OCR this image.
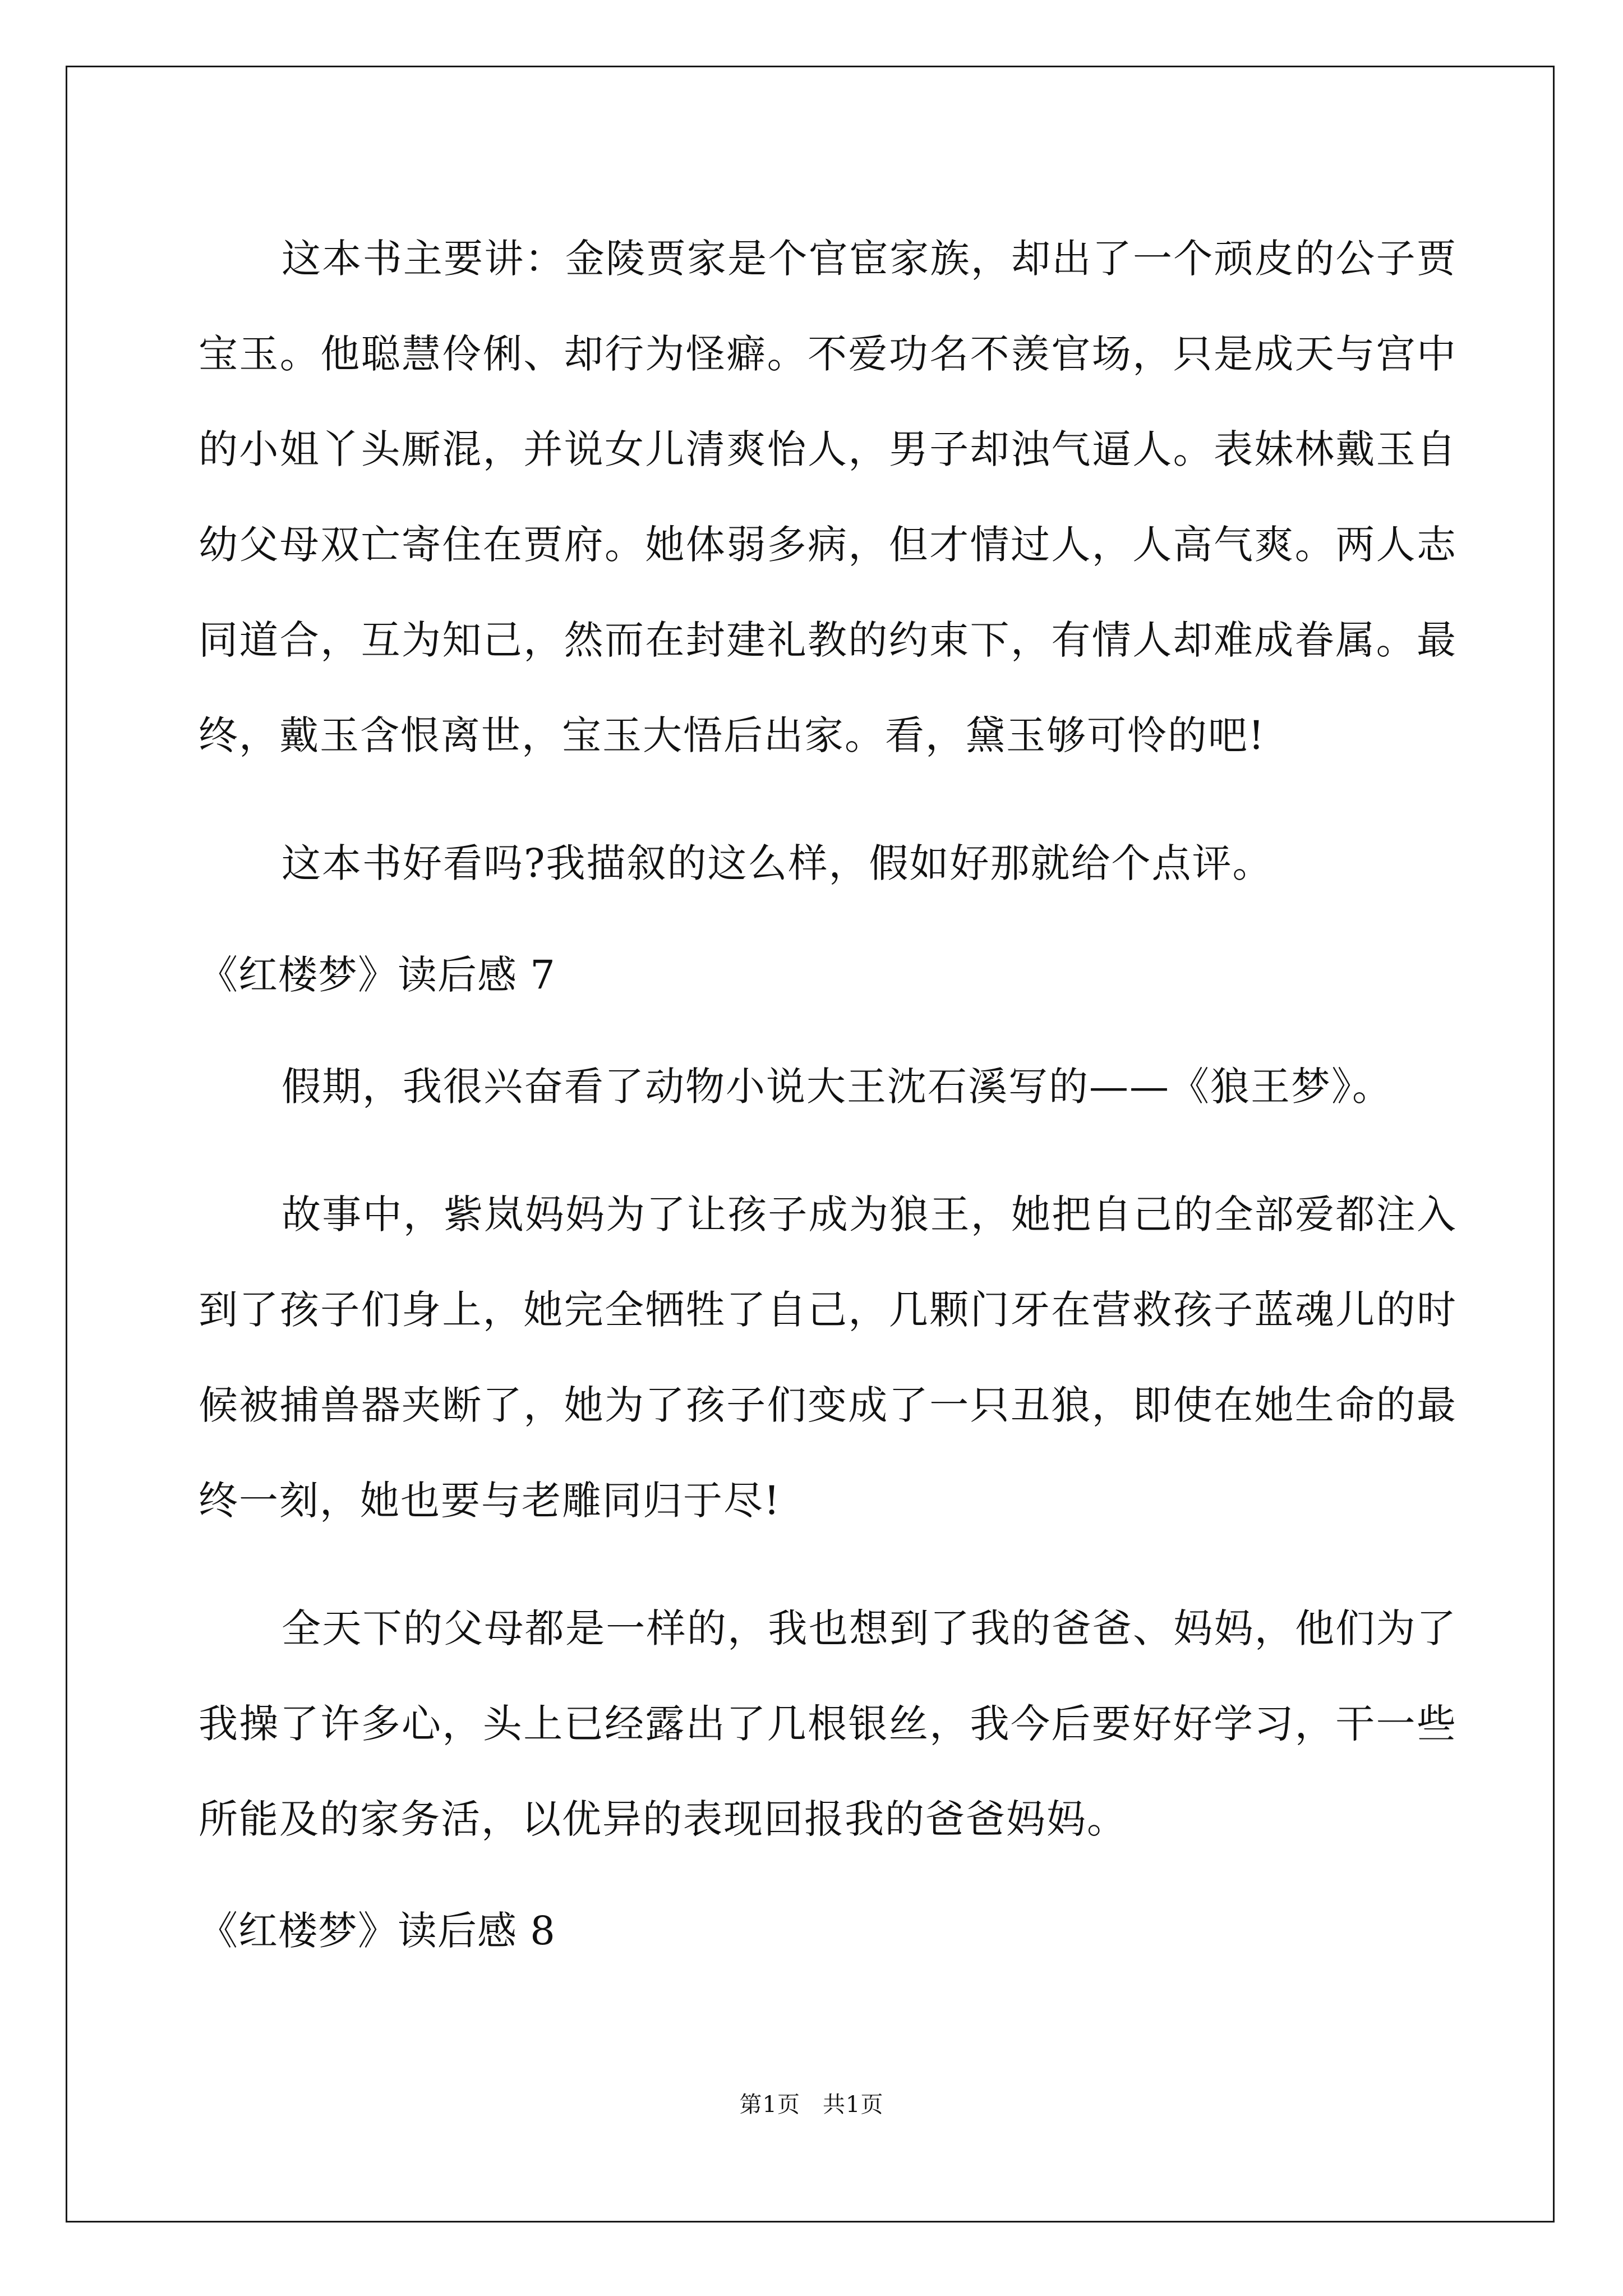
这本书主要讲：金陵贾家是个官宦家族，却出了一个顽皮的公子贾宝玉。他聪慧伶俐、却行为怪癖。不爱功名不羡官场，只是成天与宫中的小姐丫头厮混，并说女儿清爽怡人，男子却浊气逼人。表妹林戴玉自幼父母双亡寄住在贾府。她体弱多病，但才情过人，人高气爽。两人志同道合，互为知己，然而在封建礼教的约束下，有情人却难成眷属。最终，戴玉含恨离世，宝玉大悟后出家。看，黛玉够可怜的吧!

这本书好看吗?我描叙的这么样，假如好那就给个点评。

《红楼梦》读后感 7

假期，我很兴奋看了动物小说大王沈石溪写的——《狼王梦》。

故事中，紫岚妈妈为了让孩子成为狼王，她把自己的全部爱都注入到了孩子们身上，她完全牺牲了自己，几颗门牙在营救孩子蓝魂儿的时候被捕兽器夹断了，她为了孩子们变成了一只丑狼，即使在她生命的最终一刻，她也要与老雕同归于尽!

全天下的父母都是一样的，我也想到了我的爸爸、妈妈，他们为了我操了许多心，头上已经露出了几根银丝，我今后要好好学习，干一些所能及的家务活，以优异的表现回报我的爸爸妈妈。

《红楼梦》读后感 8
第1页 共1页
